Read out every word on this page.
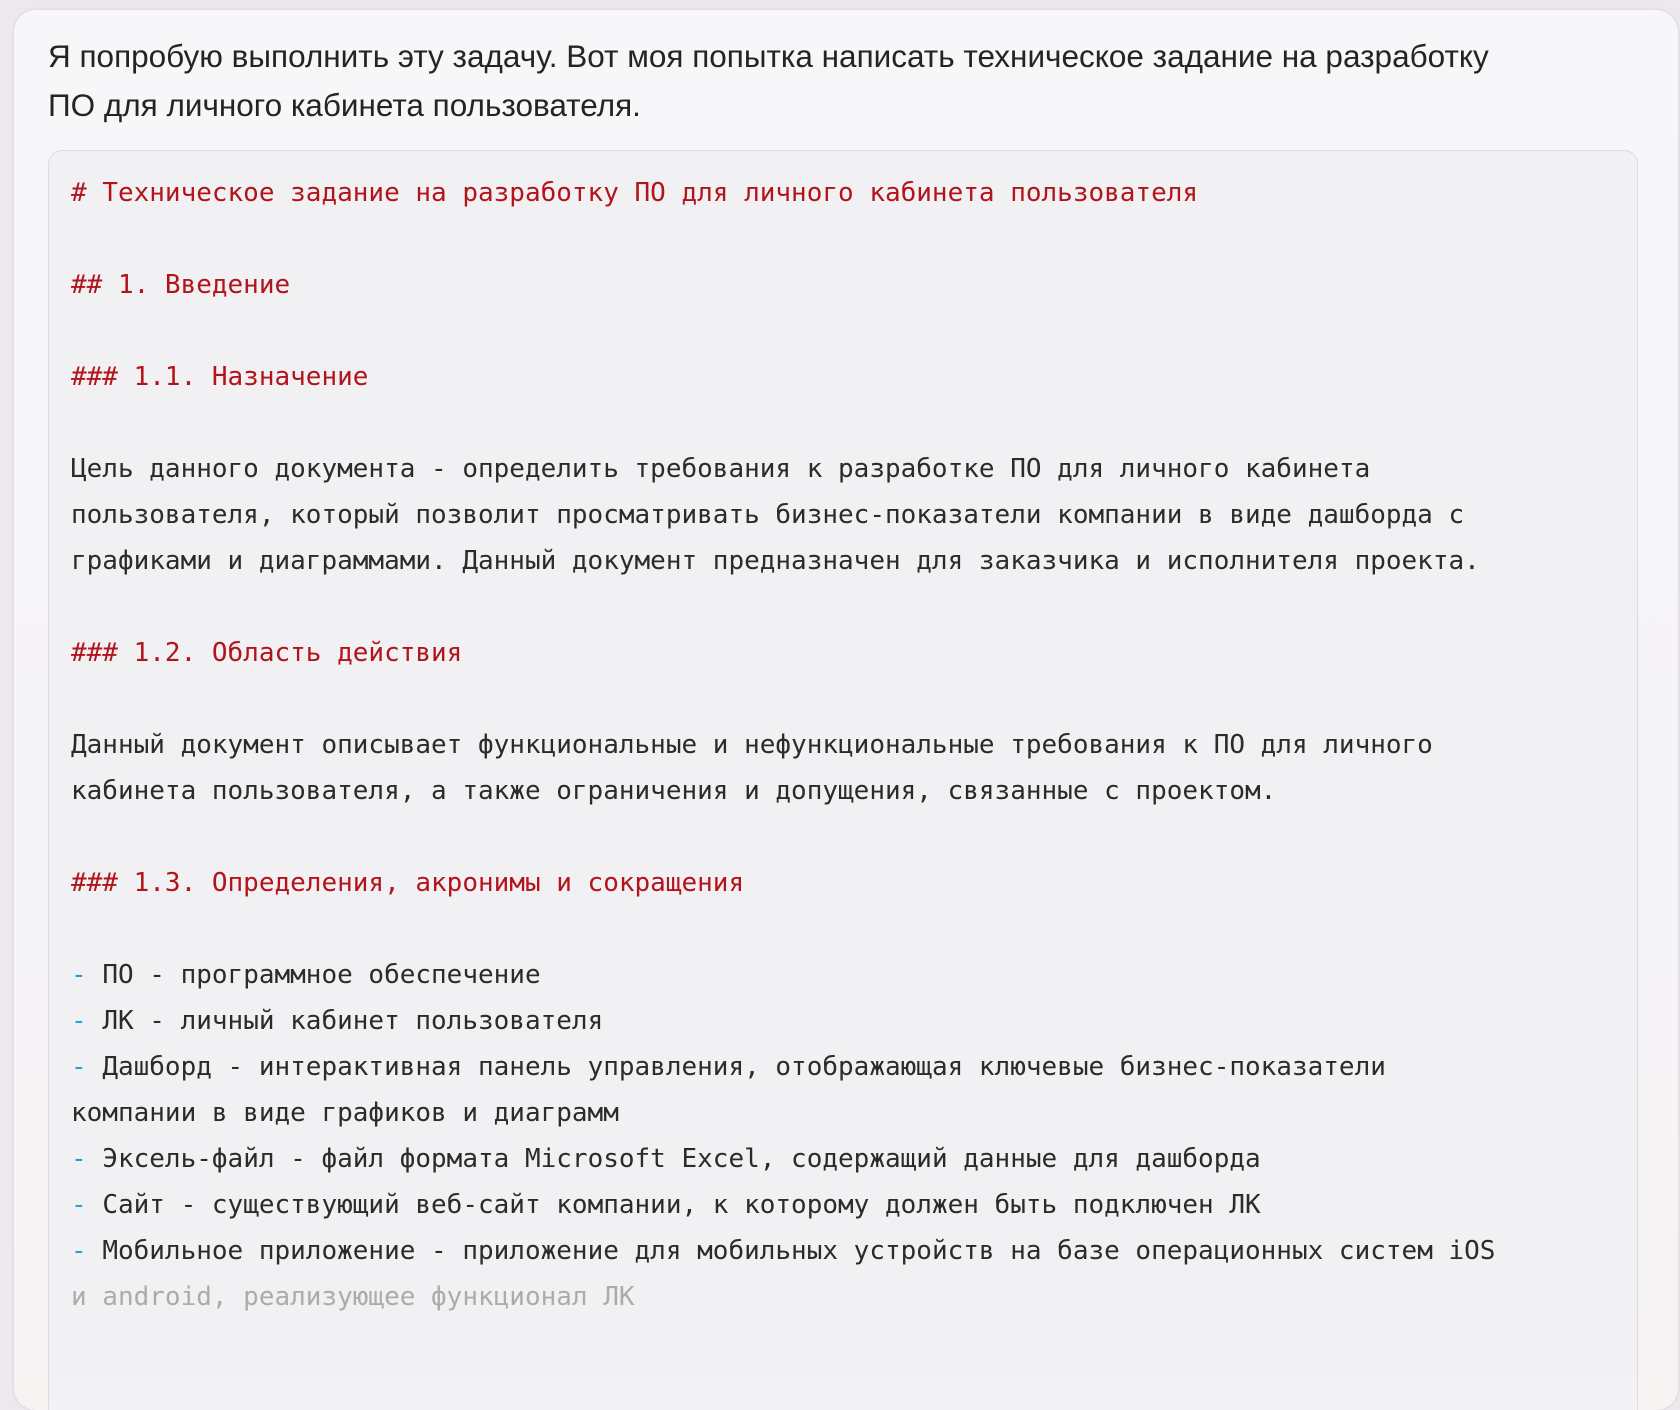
Я попробую выполнить эту задачу. Вот моя попытка написать техническое задание на разработку
ПО для личного кабинета пользователя.

# Техническое задание на разработку ПО для личного кабинета пользователя
## 1. Введение
### 1.1. Назначение
Цель данного документа - определить требования к разработке ПО для личного кабинета
пользователя, который позволит просматривать бизнес-показатели компании в виде дашборда с
графиками и диаграммами. Данный документ предназначен для заказчика и исполнителя проекта.
### 1.2. Область действия
Данный документ описывает функциональные и нефункциональные требования к ПО для личного
кабинета пользователя, а также ограничения и допущения, связанные с проектом.
### 1.3. Определения, акронимы и сокращения
- ПО - программное обеспечение
- ЛК - личный кабинет пользователя
- Дашборд - интерактивная панель управления, отображающая ключевые бизнес-показатели
компании в виде графиков и диаграмм
- Эксель-файл - файл формата Microsoft Excel, содержащий данные для дашборда
- Сайт - существующий веб-сайт компании, к которому должен быть подключен ЛК
- Мобильное приложение - приложение для мобильных устройств на базе операционных систем iOS
и android, реализующее функционал ЛК
